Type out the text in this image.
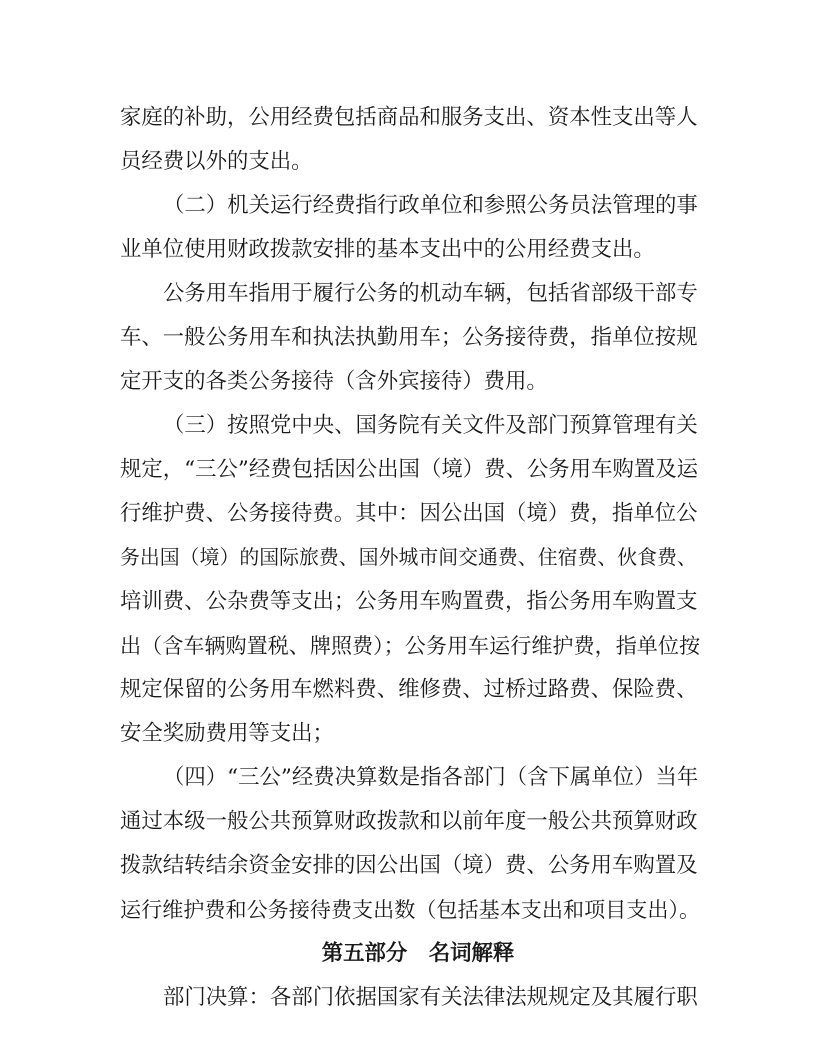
家庭的补助，公用经费包括商品和服务支出、资本性支出等人
员经费以外的支出。
（二）机关运行经费指行政单位和参照公务员法管理的事
业单位使用财政拨款安排的基本支出中的公用经费支出。
公务用车指用于履行公务的机动车辆，包括省部级干部专
车、一般公务用车和执法执勤用车；公务接待费，指单位按规
定开支的各类公务接待（含外宾接待）费用。
（三）按照党中央、国务院有关文件及部门预算管理有关
规定，“三公”经费包括因公出国（境）费、公务用车购置及运
行维护费、公务接待费。其中：因公出国（境）费，指单位公
务出国（境）的国际旅费、国外城市间交通费、住宿费、伙食费、
培训费、公杂费等支出；公务用车购置费，指公务用车购置支
出（含车辆购置税、牌照费）；公务用车运行维护费，指单位按
规定保留的公务用车燃料费、维修费、过桥过路费、保险费、
安全奖励费用等支出；
（四）“三公”经费决算数是指各部门（含下属单位）当年
通过本级一般公共预算财政拨款和以前年度一般公共预算财政
拨款结转结余资金安排的因公出国（境）费、公务用车购置及
运行维护费和公务接待费支出数（包括基本支出和项目支出）。
第五部分　名词解释
部门决算：各部门依据国家有关法律法规规定及其履行职
